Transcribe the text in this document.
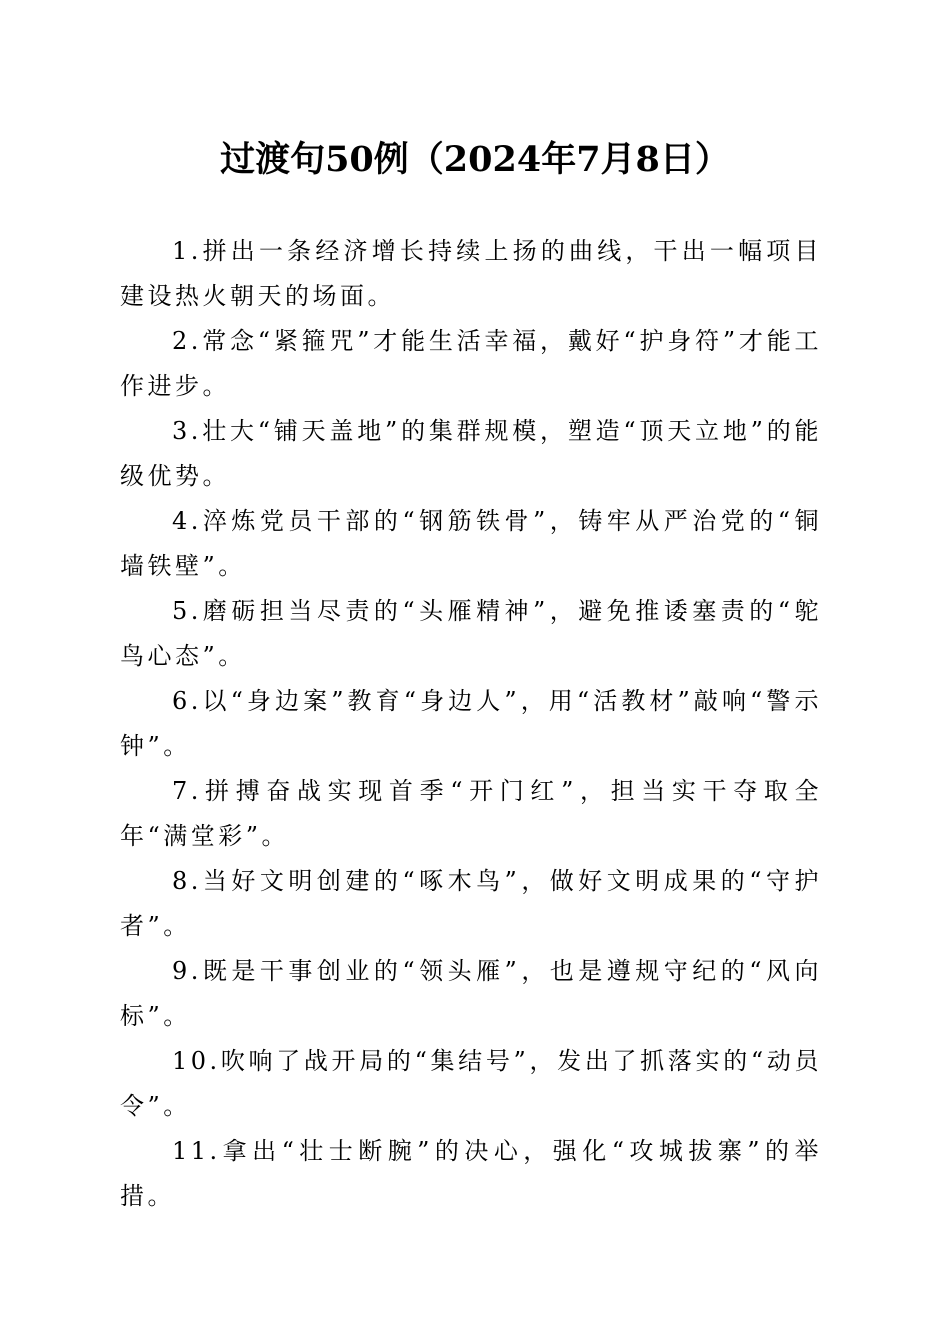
过渡句50例（2024年7月8日）

1.拼出一条经济增长持续上扬的曲线，干出一幅项目建设热火朝天的场面。

2.常念“紧箍咒”才能生活幸福，戴好“护身符”才能工作进步。

3.壮大“铺天盖地”的集群规模，塑造“顶天立地”的能级优势。

4.淬炼党员干部的“钢筋铁骨”，铸牢从严治党的“铜墙铁壁”。

5.磨砺担当尽责的“头雁精神”，避免推诿塞责的“鸵鸟心态”。

6.以“身边案”教育“身边人”，用“活教材”敲响“警示钟”。

7.拼搏奋战实现首季“开门红”，担当实干夺取全年“满堂彩”。

8.当好文明创建的“啄木鸟”，做好文明成果的“守护者”。

9.既是干事创业的“领头雁”，也是遵规守纪的“风向标”。

10.吹响了战开局的“集结号”，发出了抓落实的“动员令”。

11.拿出“壮士断腕”的决心，强化“攻城拔寨”的举措。
